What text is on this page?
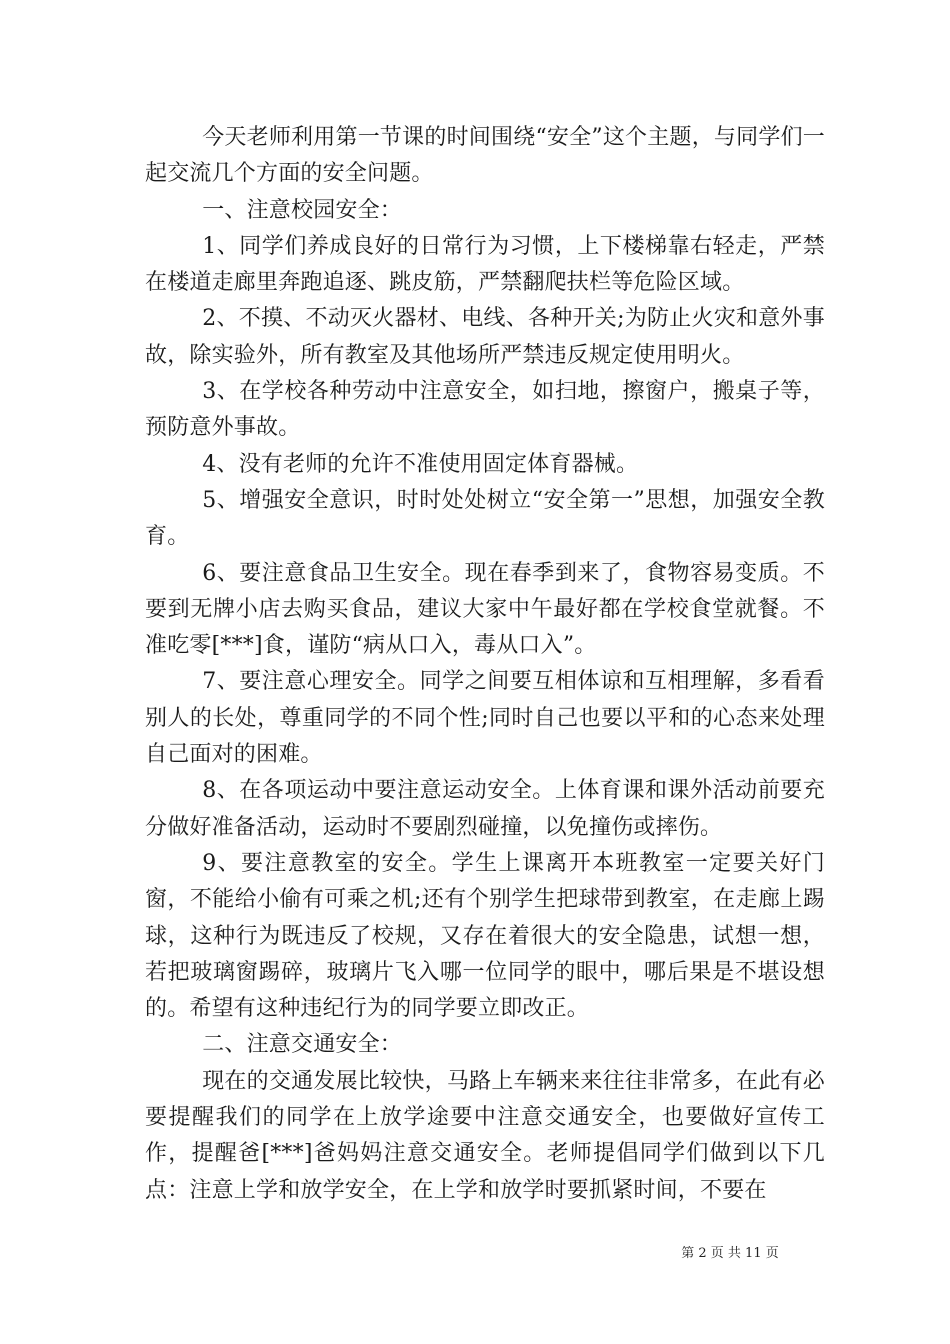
今天老师利用第一节课的时间围绕“安全”这个主题，与同学们一起交流几个方面的安全问题。

一、注意校园安全：

1、同学们养成良好的日常行为习惯，上下楼梯靠右轻走，严禁在楼道走廊里奔跑追逐、跳皮筋，严禁翻爬扶栏等危险区域。

2、不摸、不动灭火器材、电线、各种开关;为防止火灾和意外事故，除实验外，所有教室及其他场所严禁违反规定使用明火。

3、在学校各种劳动中注意安全，如扫地，擦窗户，搬桌子等，预防意外事故。

4、没有老师的允许不准使用固定体育器械。

5、增强安全意识，时时处处树立“安全第一”思想，加强安全教育。

6、要注意食品卫生安全。现在春季到来了，食物容易变质。不要到无牌小店去购买食品，建议大家中午最好都在学校食堂就餐。不准吃零[***]食，谨防“病从口入，毒从口入”。

7、要注意心理安全。同学之间要互相体谅和互相理解，多看看别人的长处，尊重同学的不同个性;同时自己也要以平和的心态来处理自己面对的困难。

8、在各项运动中要注意运动安全。上体育课和课外活动前要充分做好准备活动，运动时不要剧烈碰撞，以免撞伤或摔伤。

9、要注意教室的安全。学生上课离开本班教室一定要关好门窗，不能给小偷有可乘之机;还有个别学生把球带到教室，在走廊上踢球，这种行为既违反了校规，又存在着很大的安全隐患，试想一想，若把玻璃窗踢碎，玻璃片飞入哪一位同学的眼中，哪后果是不堪设想的。希望有这种违纪行为的同学要立即改正。

二、注意交通安全：

现在的交通发展比较快，马路上车辆来来往往非常多，在此有必要提醒我们的同学在上放学途要中注意交通安全，也要做好宣传工作，提醒爸[***]爸妈妈注意交通安全。老师提倡同学们做到以下几点：注意上学和放学安全，在上学和放学时要抓紧时间，不要在

第 2 页 共 11 页
